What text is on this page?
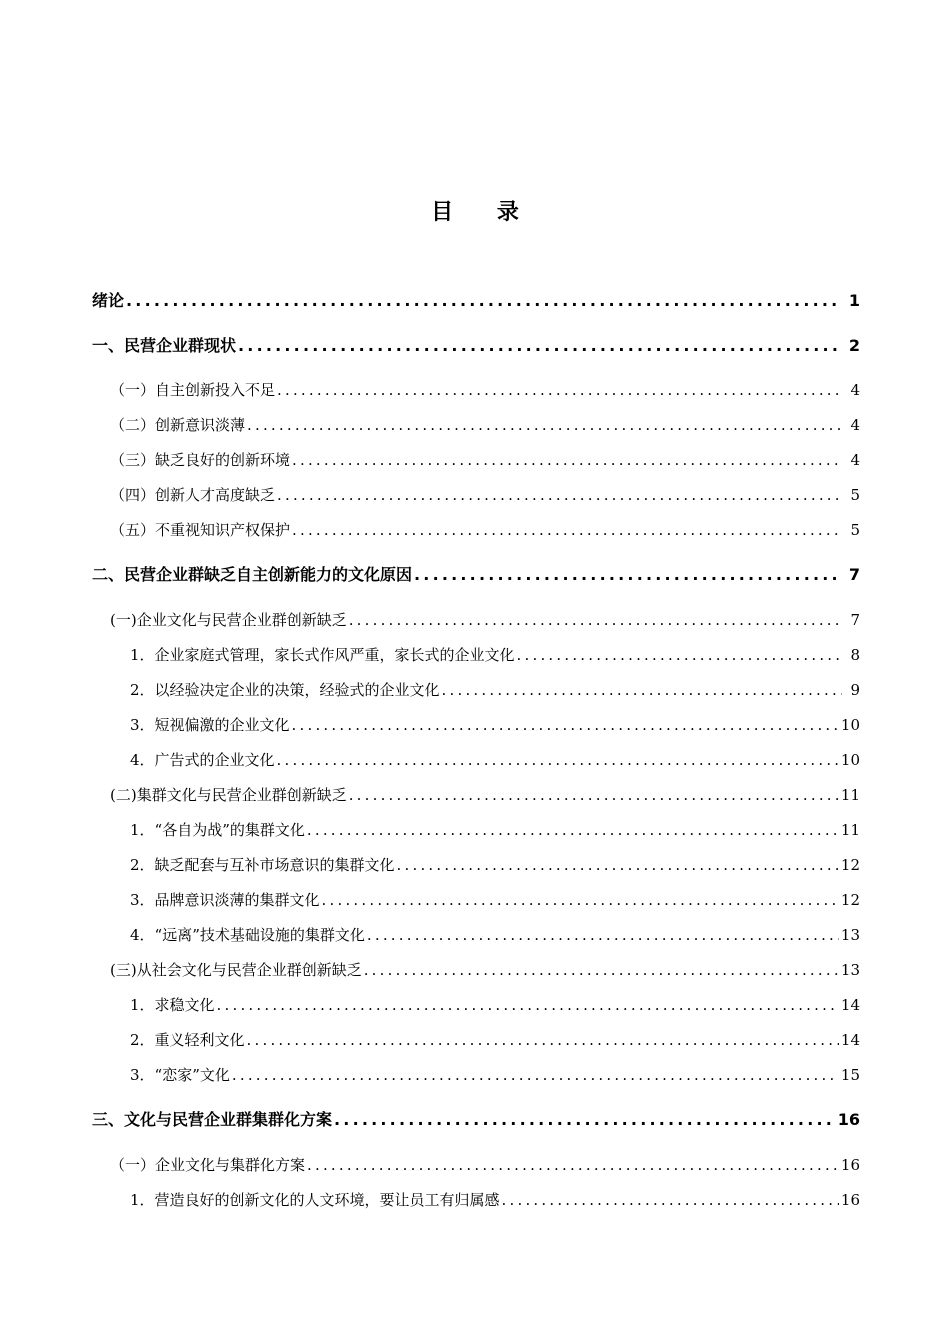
目 录
绪论 .....	1
一、民营企业群现状 .....	2
（一）自主创新投入不足 .....	4
（二）创新意识淡薄 .....	4
（三）缺乏良好的创新环境 .....	4
（四）创新人才高度缺乏 .....	5
（五）不重视知识产权保护 .....	5
二、民营企业群缺乏自主创新能力的文化原因 .....	7
(一)企业文化与民营企业群创新缺乏 .....	7
1．企业家庭式管理，家长式作风严重，家长式的企业文化 .....	8
2．以经验决定企业的决策，经验式的企业文化 .....	9
3．短视偏激的企业文化 .....	10
4．广告式的企业文化 .....	10
(二)集群文化与民营企业群创新缺乏 .....	11
1．“各自为战”的集群文化 .....	11
2．缺乏配套与互补市场意识的集群文化 .....	12
3．品牌意识淡薄的集群文化 .....	12
4．“远离”技术基础设施的集群文化 .....	13
(三)从社会文化与民营企业群创新缺乏 .....	13
1．求稳文化 .....	14
2．重义轻利文化 .....	14
3．“恋家”文化 .....	15
三、文化与民营企业群集群化方案 .....	16
（一）企业文化与集群化方案 .....	16
1．营造良好的创新文化的人文环境，要让员工有归属感 .....	16
